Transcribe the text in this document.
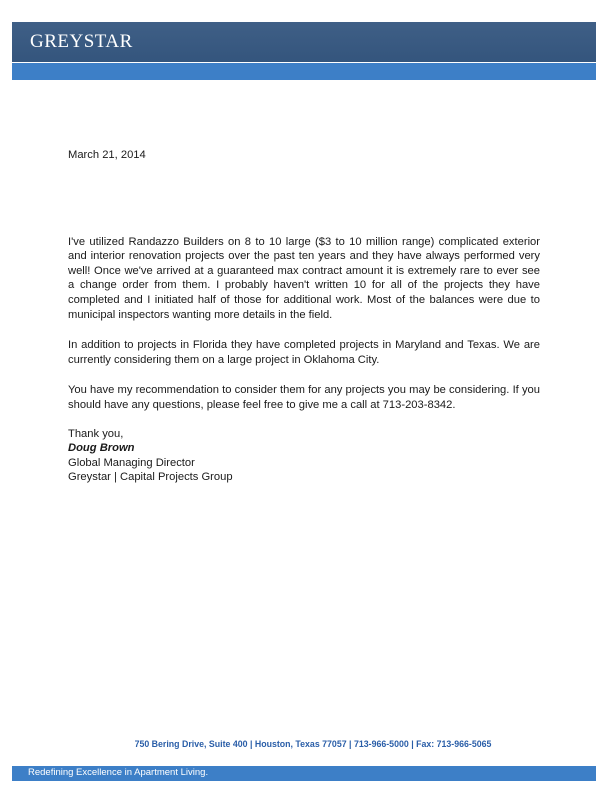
GREYSTAR

March 21, 2014

I've utilized Randazzo Builders on 8 to 10 large ($3 to 10 million range) complicated exterior and interior renovation projects over the past ten years and they have always performed very well! Once we've arrived at a guaranteed max contract amount it is extremely rare to ever see a change order from them. I probably haven't written 10 for all of the projects they have completed and I initiated half of those for additional work. Most of the balances were due to municipal inspectors wanting more details in the field.

In addition to projects in Florida they have completed projects in Maryland and Texas. We are currently considering them on a large project in Oklahoma City.

You have my recommendation to consider them for any projects you may be considering. If you should have any questions, please feel free to give me a call at 713-203-8342.

Thank you,

Doug Brown

Global Managing Director

Greystar | Capital Projects Group

750 Bering Drive, Suite 400 | Houston, Texas 77057 | 713-966-5000 | Fax: 713-966-5065
Redefining Excellence in Apartment Living.
